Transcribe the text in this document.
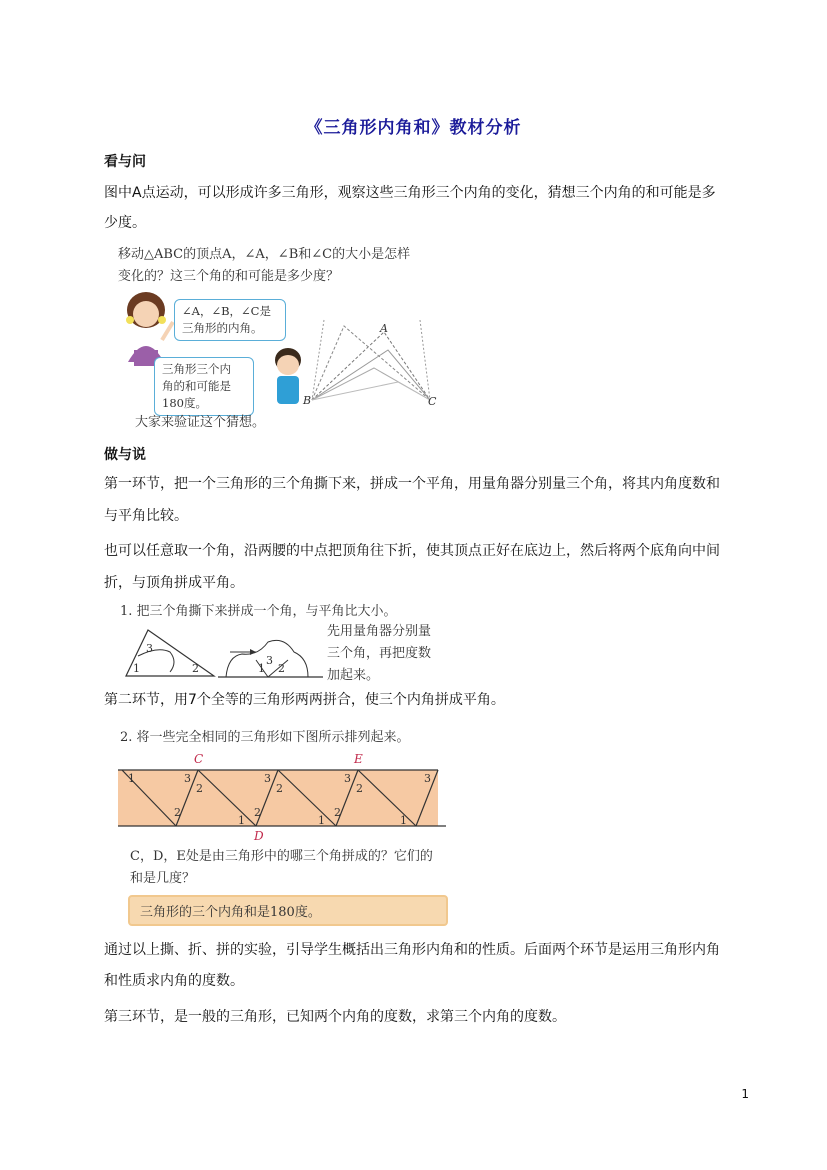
《三角形内角和》教材分析
看与问
图中A点运动，可以形成许多三角形，观察这些三角形三个内角的变化，猜想三个内角的和可能是多
少度。
移动△ABC的顶点A，∠A，∠B和∠C的大小是怎样
变化的？这三个角的和可能是多少度？
A
B	C
∠A，∠B，∠C是
三角形的内角。
三角形三个内
角的和可能是
180度。
大家来验证这个猜想。
做与说
第一环节，把一个三角形的三个角撕下来，拼成一个平角，用量角器分别量三个角，将其内角度数和
与平角比较。
也可以任意取一个角，沿两腰的中点把顶角往下折，使其顶点正好在底边上，然后将两个底角向中间
折，与顶角拼成平角。
1. 把三个角撕下来拼成一个角，与平角比大小。
3
1	2	1
3
2
先用量角器分别量
三个角，再把度数
加起来。
第二环节，用7个全等的三角形两两拼合，使三个内角拼成平角。
2. 将一些完全相同的三角形如下图所示排列起来。
1	3
2
2
1
3
2
2
1
3
2
2
1
3
C
D
E
C，D，E处是由三角形中的哪三个角拼成的？它们的
和是几度？
三角形的三个内角和是180度。
通过以上撕、折、拼的实验，引导学生概括出三角形内角和的性质。后面两个环节是运用三角形内角
和性质求内角的度数。
第三环节，是一般的三角形，已知两个内角的度数，求第三个内角的度数。
1
